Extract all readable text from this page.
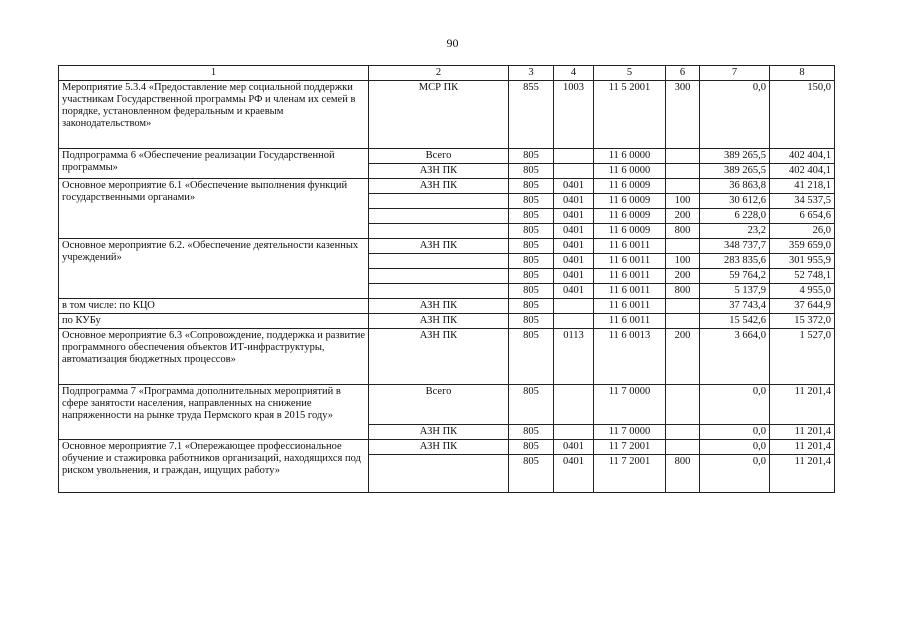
90
1	2	3	4	5	6	7	8
Мероприятие 5.3.4 «Предоставление мер социальной поддержки участникам Государственной программы РФ и членам их семей в порядке, установленном федеральным и краевым законодательством»	МСР ПК	855	1003	11 5 2001	300	0,0	150,0
Подпрограмма 6 «Обеспечение реализации Государственной программы»	Всего	805		11 6 0000		389 265,5	402 404,1
	АЗН ПК	805		11 6 0000		389 265,5	402 404,1
Основное мероприятие 6.1 «Обеспечение выполнения функций государственными органами»	АЗН ПК	805	0401	11 6 0009		36 863,8	41 218,1
		805	0401	11 6 0009	100	30 612,6	34 537,5
		805	0401	11 6 0009	200	6 228,0	6 654,6
		805	0401	11 6 0009	800	23,2	26,0
Основное мероприятие 6.2. «Обеспечение деятельности казенных учреждений»	АЗН ПК	805	0401	11 6 0011		348 737,7	359 659,0
		805	0401	11 6 0011	100	283 835,6	301 955,9
		805	0401	11 6 0011	200	59 764,2	52 748,1
		805	0401	11 6 0011	800	5 137,9	4 955,0
в том числе: по КЦО	АЗН ПК	805		11 6 0011		37 743,4	37 644,9
по КУБу	АЗН ПК	805		11 6 0011		15 542,6	15 372,0
Основное мероприятие 6.3 «Сопровождение, поддержка и развитие программного обеспечения объектов ИТ-инфраструктуры, автоматизация бюджетных процессов»	АЗН ПК	805	0113	11 6 0013	200	3 664,0	1 527,0
Подпрограмма 7 «Программа дополнительных мероприятий в сфере занятости населения, направленных на снижение напряженности на рынке труда Пермского края в 2015 году»	Всего	805		11 7 0000		0,0	11 201,4
	АЗН ПК	805		11 7 0000		0,0	11 201,4
Основное мероприятие 7.1 «Опережающее профессиональное обучение и стажировка работников организаций, находящихся под риском увольнения, и граждан, ищущих работу»	АЗН ПК	805	0401	11 7 2001		0,0	11 201,4
		805	0401	11 7 2001	800	0,0	11 201,4
